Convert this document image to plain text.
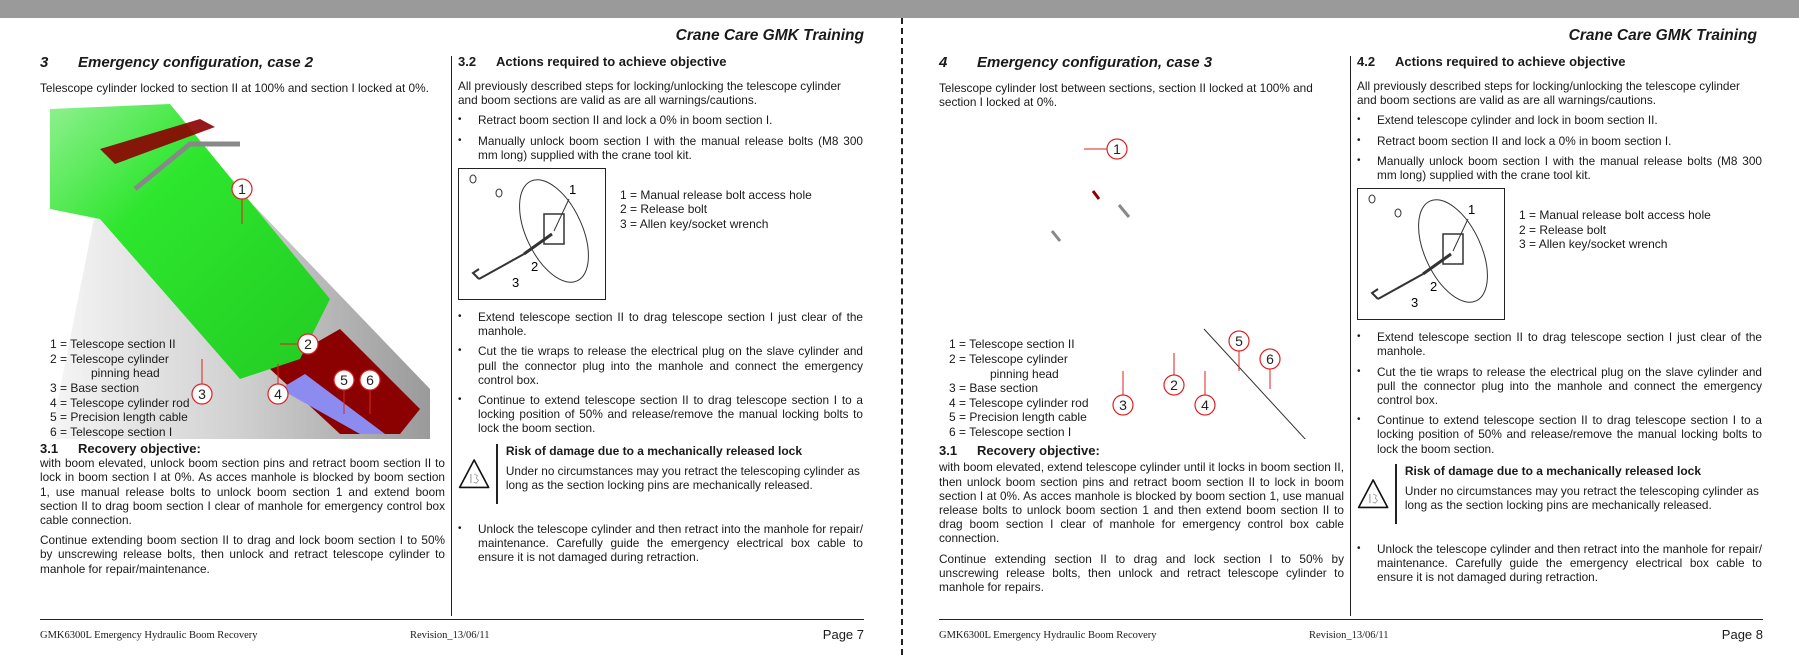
Crane Care GMK Training
3	Emergency configuration, case 2

Telescope cylinder locked to section II at 100% and section I locked at 0%.

1
2
3	4
5 6
1 = Telescope section II
2 = Telescope cylinder
pinning head
3 = Base section
4 = Telescope cylinder rod
5 = Precision length cable
6 = Telescope section I
3.1	Recovery objective:

with boom elevated, unlock boom section pins and retract boom section II to lock in boom section I at 0%. As acces manhole is blocked by boom section 1, use manual release bolts to unlock boom section 1 and extend boom section II to drag boom section I clear of manhole for emergency control box cable connection.

Continue extending boom section II to drag and lock boom section I to 50% by unscrewing release bolts, then unlock and retract telescope cylinder to manhole for repair/maintenance.

3.2	Actions required to achieve objective

All previously described steps for locking/unlocking the telescope cylinder and boom sections are valid as are all warnings/cautions.

• Retract boom section II and lock a 0% in boom section I.
• Manually unlock boom section I with the manual release bolts (M8 300 mm long) supplied with the crane tool kit.
1
2
3
1 = Manual release bolt access hole
2 = Release bolt
3 = Allen key/socket wrench
• Extend telescope section II to drag telescope section I just clear of the manhole.
• Cut the tie wraps to release the electrical plug on the slave cylinder and pull the connector plug into the manhole and connect the emergency control box.
• Continue to extend telescope section II to drag telescope section I to a locking position of 50% and release/remove the manual locking bolts to lock the boom section.
Risk of damage due to a mechanically released lock
Under no circumstances may you retract the telescoping cylinder as long as the section locking pins are mechanically released.
• Unlock the telescope cylinder and then retract into the manhole for repair/ maintenance. Carefully guide the emergency electrical box cable to ensure it is not damaged during retraction.
GMK6300L Emergency Hydraulic Boom Recovery	Revision_13/06/11	Page 7
Crane Care GMK Training
4	Emergency configuration, case 3

Telescope cylinder lost between sections, section II locked at 100% and section I locked at 0%.

1
2
3	4
5
6
1 = Telescope section II
2 = Telescope cylinder
pinning head
3 = Base section
4 = Telescope cylinder rod
5 = Precision length cable
6 = Telescope section I
3.1	Recovery objective:

with boom elevated, extend telescope cylinder until it locks in boom section II, then unlock boom section pins and retract boom section II to lock in boom section I at 0%. As acces manhole is blocked by boom section 1, use manual release bolts to unlock boom section 1 and then extend boom section II to drag boom section I clear of manhole for emergency control box cable connection.

Continue extending section II to drag and lock section I to 50% by unscrewing release bolts, then unlock and retract telescope cylinder to manhole for repairs.

4.2	Actions required to achieve objective

All previously described steps for locking/unlocking the telescope cylinder and boom sections are valid as are all warnings/cautions.

• Extend telescope cylinder and lock in boom section II.
• Retract boom section II and lock a 0% in boom section I.
• Manually unlock boom section I with the manual release bolts (M8 300 mm long) supplied with the crane tool kit.
1
2
3
1 = Manual release bolt access hole
2 = Release bolt
3 = Allen key/socket wrench
• Extend telescope section II to drag telescope section I just clear of the manhole.
• Cut the tie wraps to release the electrical plug on the slave cylinder and pull the connector plug into the manhole and connect the emergency control box.
• Continue to extend telescope section II to drag telescope section I to a locking position of 50% and release/remove the manual locking bolts to lock the boom section.
Risk of damage due to a mechanically released lock
Under no circumstances may you retract the telescoping cylinder as long as the section locking pins are mechanically released.
• Unlock the telescope cylinder and then retract into the manhole for repair/ maintenance. Carefully guide the emergency electrical box cable to ensure it is not damaged during retraction.
GMK6300L Emergency Hydraulic Boom Recovery	Revision_13/06/11	Page 8
